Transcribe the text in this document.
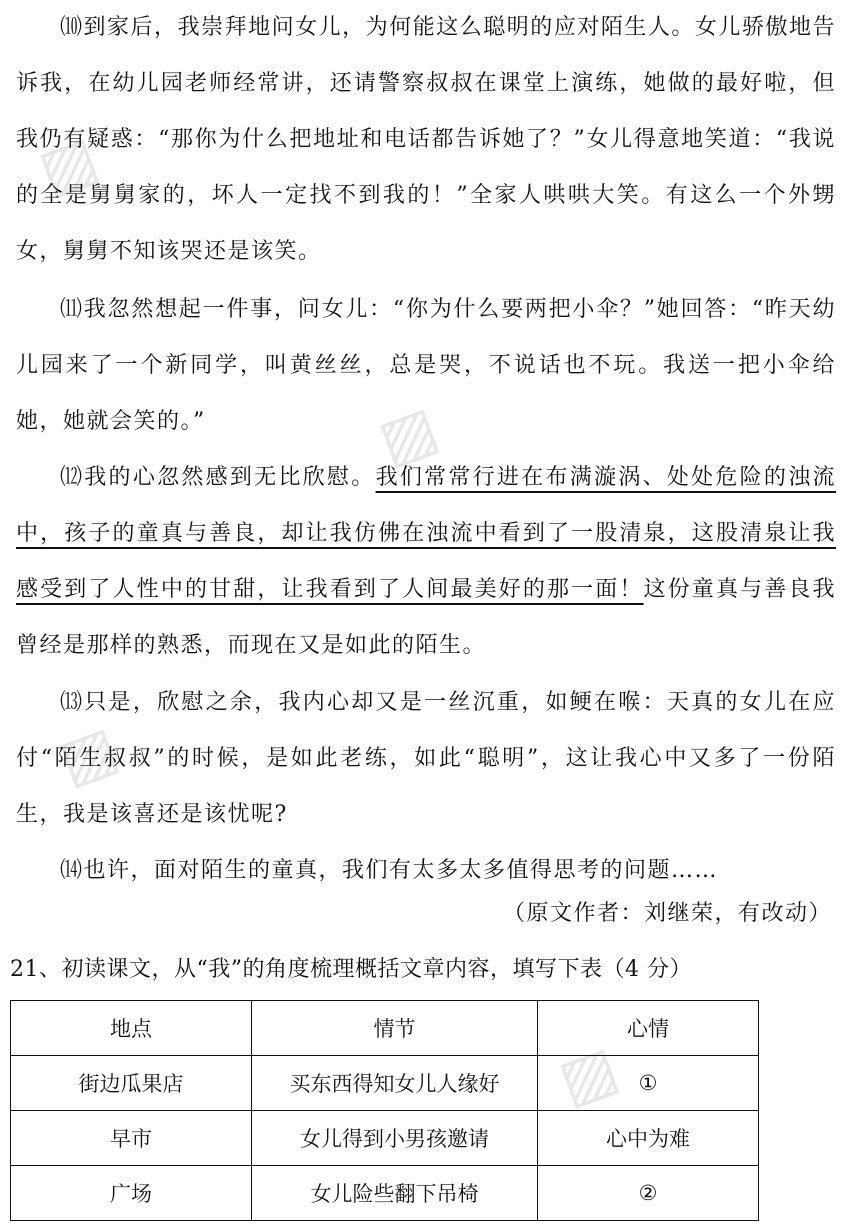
▨
▨
▨
▨

⑽到家后，我崇拜地问女儿，为何能这么聪明的应对陌生人。女儿骄傲地告诉我，在幼儿园老师经常讲，还请警察叔叔在课堂上演练，她做的最好啦，但我仍有疑惑：“那你为什么把地址和电话都告诉她了？”女儿得意地笑道：“我说的全是舅舅家的，坏人一定找不到我的！”全家人哄哄大笑。有这么一个外甥女，舅舅不知该哭还是该笑。

⑾我忽然想起一件事，问女儿：“你为什么要两把小伞？”她回答：“昨天幼儿园来了一个新同学，叫黄丝丝，总是哭，不说话也不玩。我送一把小伞给她，她就会笑的。”

⑿我的心忽然感到无比欣慰。我们常常行进在布满漩涡、处处危险的浊流中，孩子的童真与善良，却让我仿佛在浊流中看到了一股清泉，这股清泉让我感受到了人性中的甘甜，让我看到了人间最美好的那一面！这份童真与善良我曾经是那样的熟悉，而现在又是如此的陌生。

⒀只是，欣慰之余，我内心却又是一丝沉重，如鲠在喉：天真的女儿在应付“陌生叔叔”的时候，是如此老练，如此“聪明”，这让我心中又多了一份陌生，我是该喜还是该忧呢?

⒁也许，面对陌生的童真，我们有太多太多值得思考的问题……

（原文作者：刘继荣，有改动）

21、初读课文，从“我”的角度梳理概括文章内容，填写下表（4 分）

地点	情节	心情
街边瓜果店	买东西得知女儿人缘好	①
早市	女儿得到小男孩邀请	心中为难
广场	女儿险些翻下吊椅	②
